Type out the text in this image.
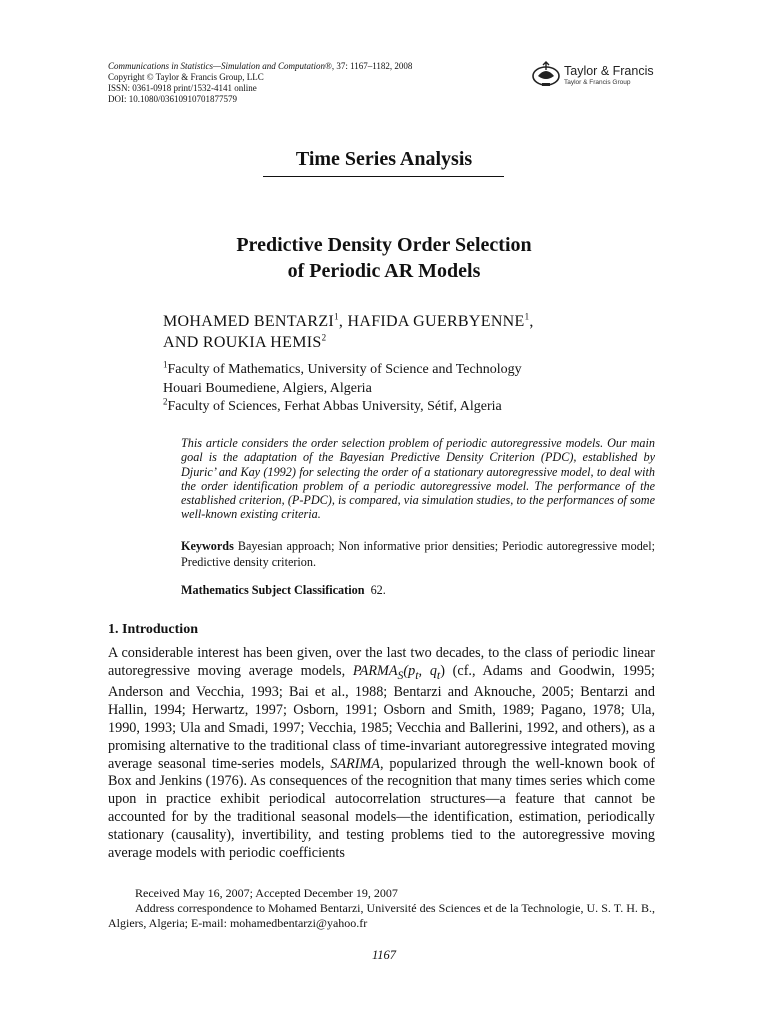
Communications in Statistics—Simulation and Computation®, 37: 1167–1182, 2008
Copyright © Taylor & Francis Group, LLC
ISSN: 0361-0918 print/1532-4141 online
DOI: 10.1080/03610910701877579
Taylor & Francis
Taylor & Francis Group
Time Series Analysis
Predictive Density Order Selection
of Periodic AR Models
MOHAMED BENTARZI$^1$, HAFIDA GUERBYENNE$^1$,
AND ROUKIA HEMIS$^2$
$^1$Faculty of Mathematics, University of Science and Technology
Houari Boumediene, Algiers, Algeria
$^2$Faculty of Sciences, Ferhat Abbas University, Sétif, Algeria
This article considers the order selection problem of periodic autoregressive models. Our main goal is the adaptation of the Bayesian Predictive Density Criterion (PDC), established by Djuric’ and Kay (1992) for selecting the order of a stationary autoregressive model, to deal with the order identification problem of a periodic autoregressive model. The performance of the established criterion, (P-PDC), is compared, via simulation studies, to the performances of some well-known existing criteria.
Keywords Bayesian approach; Non informative prior densities; Periodic autoregressive model; Predictive density criterion.
Mathematics Subject Classification 62.
1. Introduction
A considerable interest has been given, over the last two decades, to the class of periodic linear autoregressive moving average models, $PARMA_S(p_t$, $q_t$) (cf., Adams and Goodwin, 1995; Anderson and Vecchia, 1993; Bai et al., 1988; Bentarzi and Aknouche, 2005; Bentarzi and Hallin, 1994; Herwartz, 1997; Osborn, 1991; Osborn and Smith, 1989; Pagano, 1978; Ula, 1990, 1993; Ula and Smadi, 1997; Vecchia, 1985; Vecchia and Ballerini, 1992, and others), as a promising alternative to the traditional class of time-invariant autoregressive integrated moving average seasonal time-series models, SARIMA, popularized through the well-known book of Box and Jenkins (1976). As consequences of the recognition that many times series which come upon in practice exhibit periodical autocorrelation structures—a feature that cannot be accounted for by the traditional seasonal models—the identification, estimation, periodically stationary (causality), invertibility, and testing problems tied to the autoregressive moving average models with periodic coefficients
Received May 16, 2007; Accepted December 19, 2007
Address correspondence to Mohamed Bentarzi, Université des Sciences et de la Technologie, U. S. T. H. B., Algiers, Algeria; E-mail: mohamedbentarzi@yahoo.fr
1167
